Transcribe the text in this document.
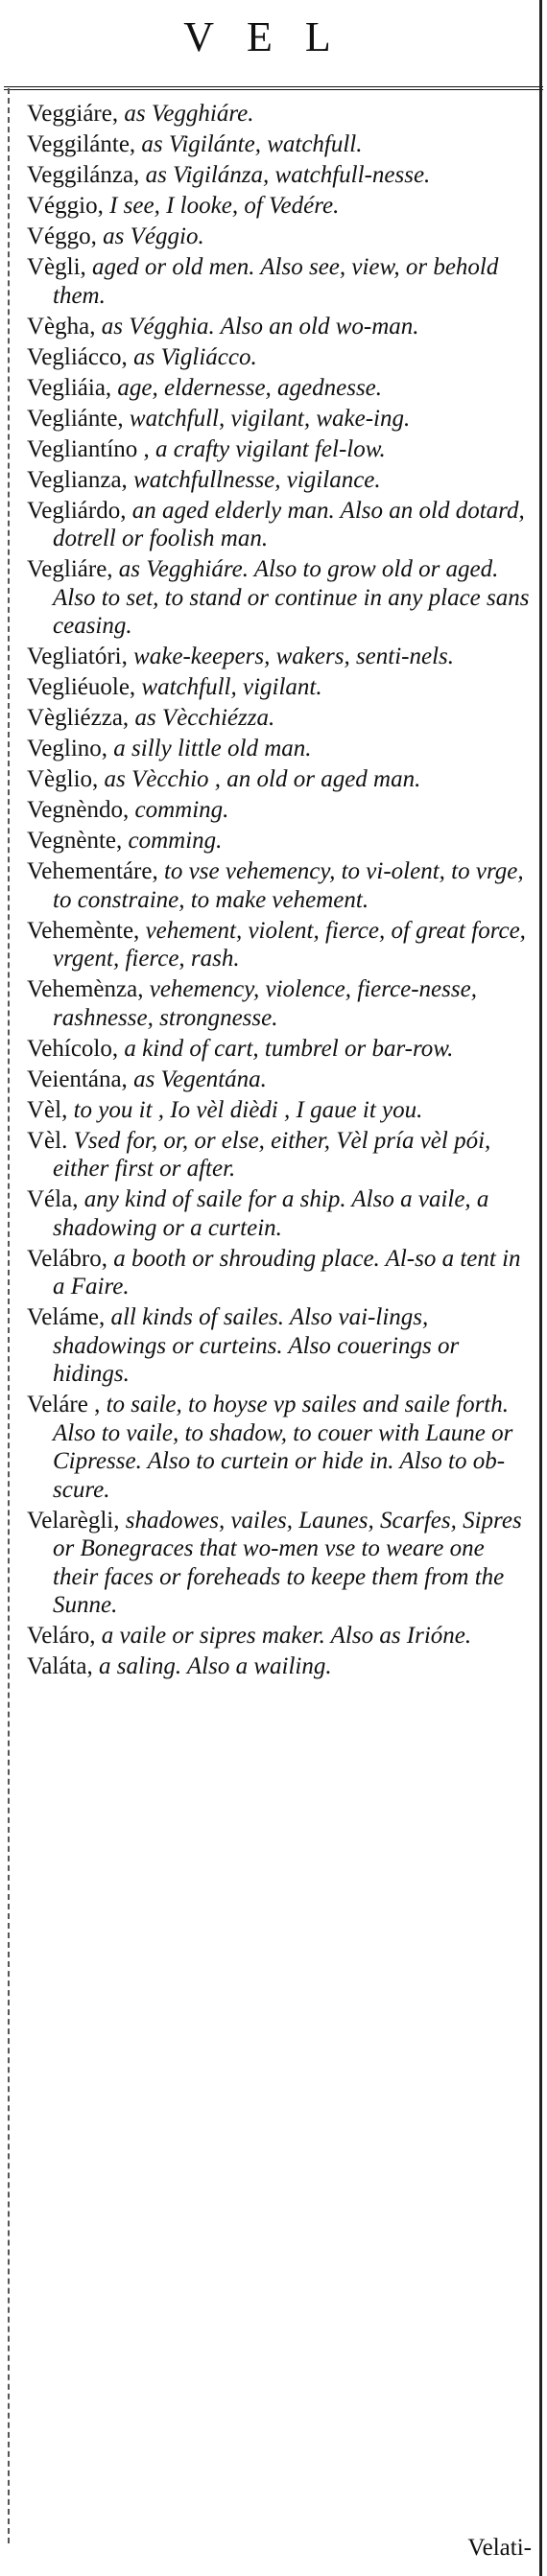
VEL

Veggiáre, as Vegghiáre.

Veggilánte, as Vigilánte, watchfull.

Veggilánza, as Vigilánza, watchfull-nesse.

Véggio, I see, I looke, of Vedére.

Véggo, as Véggio.

Vègli, aged or old men. Also see, view, or behold them.

Vègha, as Végghia. Also an old wo-man.

Vegliácco, as Vigliácco.

Vegliáia, age, eldernesse, agednesse.

Vegliánte, watchfull, vigilant, wake-ing.

Vegliantíno , a crafty vigilant fel-low.

Veglianza, watchfullnesse, vigilance.

Vegliárdo, an aged elderly man. Also an old dotard, dotrell or foolish man.

Vegliáre, as Vegghiáre. Also to grow old or aged. Also to set, to stand or continue in any place sans ceasing.

Vegliatóri, wake-keepers, wakers, senti-nels.

Vegliéuole, watchfull, vigilant.

Vègliézza, as Vècchiézza.

Veglino, a silly little old man.

Vèglio, as Vècchio , an old or aged man.

Vegnèndo, comming.

Vegnènte, comming.

Vehementáre, to vse vehemency, to vi-olent, to vrge, to constraine, to make vehement.

Vehemènte, vehement, violent, fierce, of great force, vrgent, fierce, rash.

Vehemènza, vehemency, violence, fierce-nesse, rashnesse, strongnesse.

Vehícolo, a kind of cart, tumbrel or bar-row.

Veientána, as Vegentána.

Vèl, to you it , Io vèl dièdi , I gaue it you.

Vèl. Vsed for, or, or else, either, Vèl pría vèl pói, either first or after.

Véla, any kind of saile for a ship. Also a vaile, a shadowing or a curtein.

Velábro, a booth or shrouding place. Al-so a tent in a Faire.

Veláme, all kinds of sailes. Also vai-lings, shadowings or curteins. Also couerings or hidings.

Veláre , to saile, to hoyse vp sailes and saile forth. Also to vaile, to shadow, to couer with Laune or Cipresse. Also to curtein or hide in. Also to ob-scure.

Velarègli, shadowes, vailes, Launes, Scarfes, Sipres or Bonegraces that wo-men vse to weare one their faces or foreheads to keepe them from the Sunne.

Veláro, a vaile or sipres maker. Also as Irióne.

Valáta, a saling. Also a wailing.

Velati-
